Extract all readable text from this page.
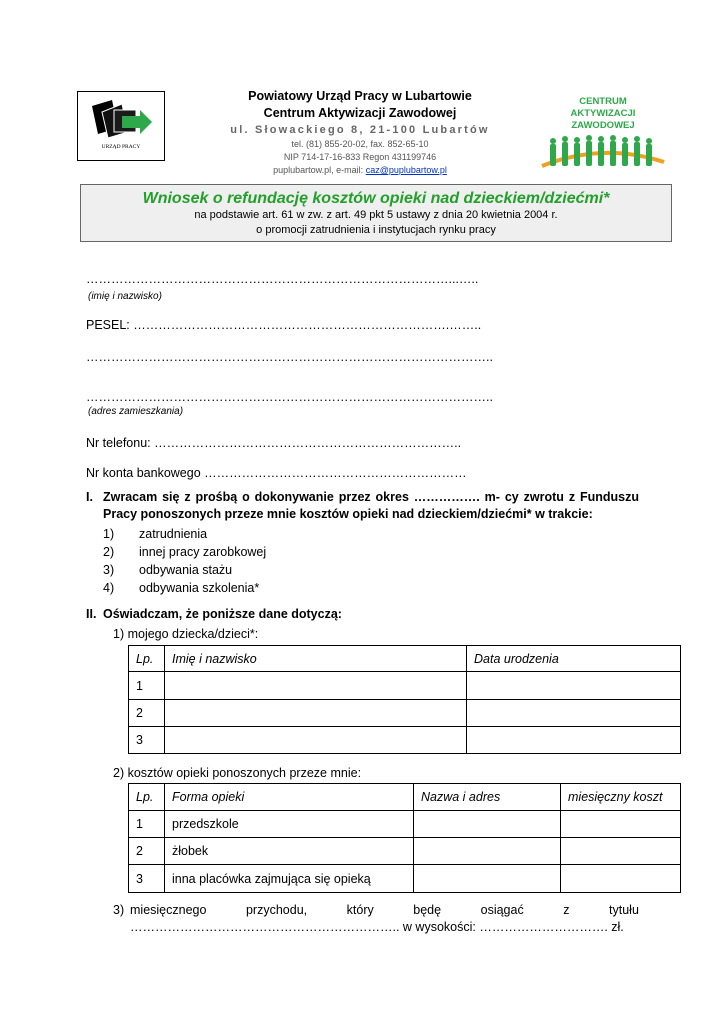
URZĄD PRACY
Powiatowy Urząd Pracy w Lubartowie
Centrum Aktywizacji Zawodowej
ul. Słowackiego 8, 21-100 Lubartów
tel. (81) 855-20-02, fax. 852-65-10
NIP 714-17-16-833 Regon 431199746
puplubartow.pl, e-mail: caz@puplubartow.pl
CENTRUM
AKTYWIZACJI ZAWODOWEJ
Wniosek o refundację kosztów opieki nad dzieckiem/dziećmi*
na podstawie art. 61 w zw. z art. 49 pkt 5 ustawy z dnia 20 kwietnia 2004 r.
o promocji zatrudnienia i instytucjach rynku pracy
……………………………………………………………………………...…..
(imię i nazwisko)
PESEL: ………………………………………………………………….……..
……………………………………………………………………………………..
……………………………………………………………………………………..
(adres zamieszkania)
Nr telefonu: ………………………………………………………………..
Nr konta bankowego ………………………………………………………
I. Zwracam się z prośbą o dokonywanie przez okres ……………. m- cy zwrotu z Funduszu
Pracy ponoszonych przeze mnie kosztów opieki nad dzieckiem/dziećmi* w trakcie:
1) zatrudnienia
2) innej pracy zarobkowej
3) odbywania stażu
4) odbywania szkolenia*
II. Oświadczam, że poniższe dane dotyczą:
1) mojego dziecka/dzieci*:
Lp.	Imię i nazwisko	Data urodzenia
1		
2		
3		
2) kosztów opieki ponoszonych przeze mnie:
Lp.	Forma opieki	Nazwa i adres	miesięczny koszt
1	przedszkole		
2	żłobek		
3	inna placówka zajmująca się opieką		
3) miesięcznego	przychodu,	który	będę	osiągać	z	tytułu
……………………………………………………….. w wysokości: …………………………. zł.
